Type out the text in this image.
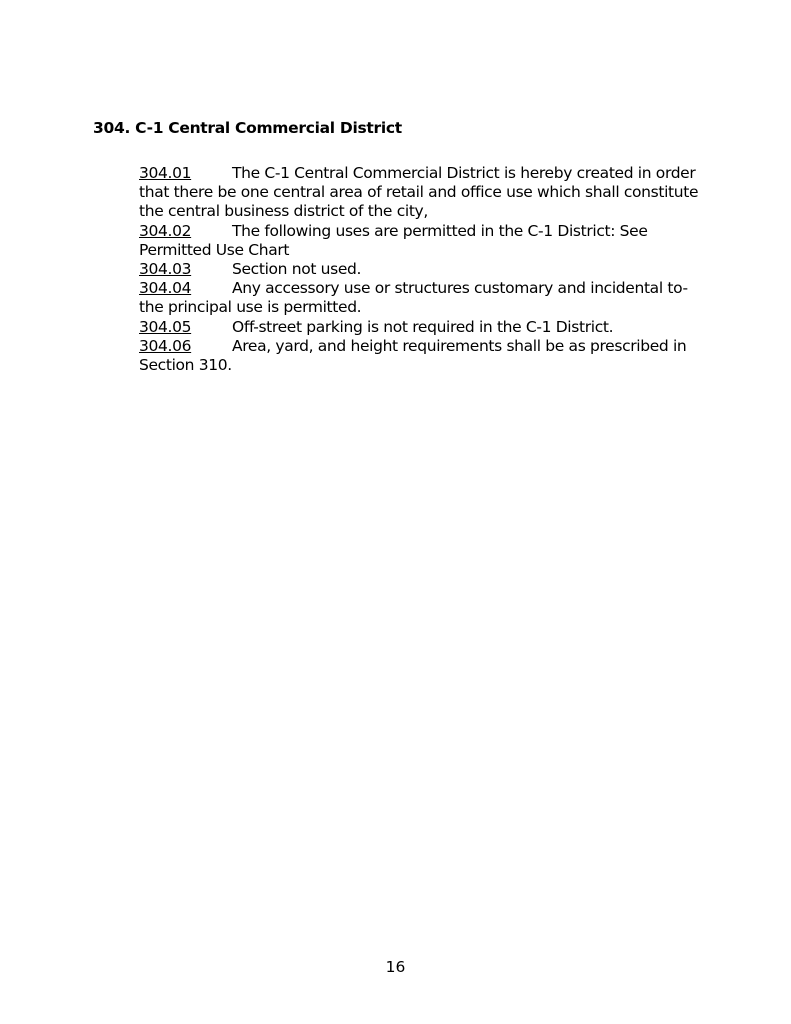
304. C-1 Central Commercial District

304.01	The C-1 Central Commercial District is hereby created in order that there be one central area of retail and office use which shall constitute the central business district of the city,

304.02	The following uses are permitted in the C-1 District: See Permitted Use Chart

304.03	Section not used.

304.04	Any accessory use or structures customary and incidental to-the principal use is permitted.

304.05	Off-street parking is not required in the C-1 District.

304.06	Area, yard, and height requirements shall be as prescribed in Section 310.

16
